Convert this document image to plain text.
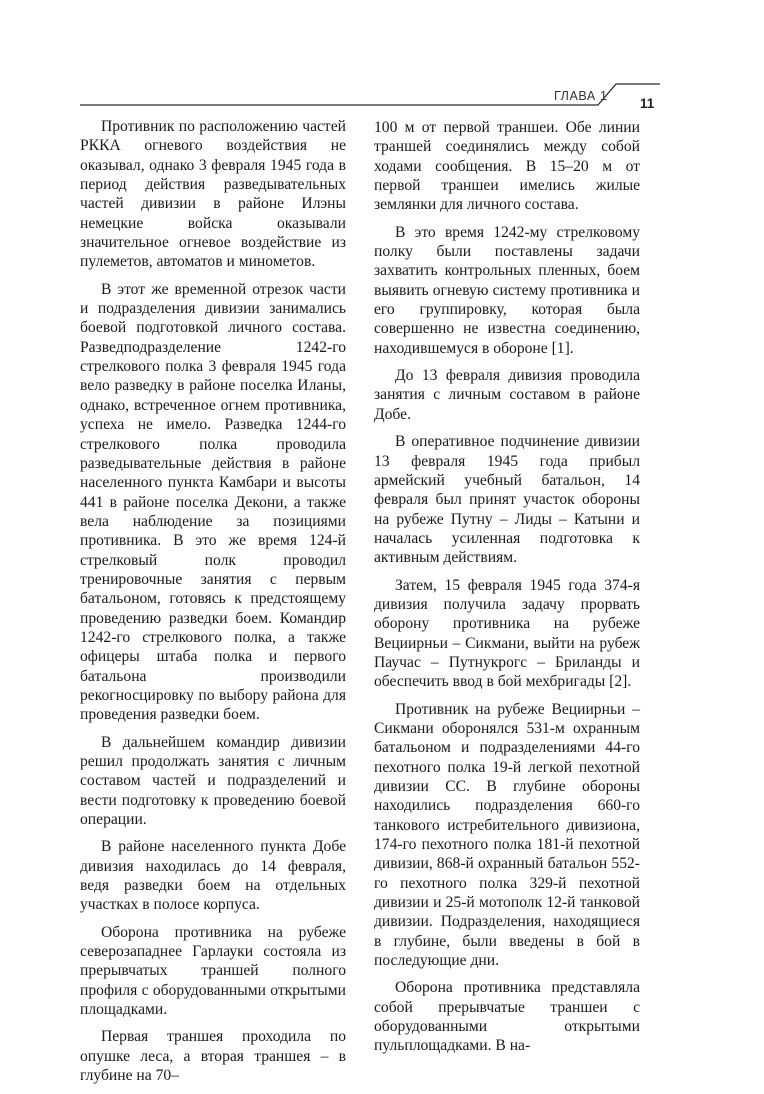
ГЛАВА 1 11

Противник по расположению частей РККА огневого воздействия не оказывал, однако 3 февраля 1945 года в период действия разведывательных частей дивизии в районе Илэны немецкие войска оказывали значительное огневое воздействие из пулеметов, автоматов и минометов.

В этот же временной отрезок части и подразделения дивизии занимались боевой подготовкой личного состава. Разведподразделение 1242-го стрелкового полка 3 февраля 1945 года вело разведку в районе поселка Иланы, однако, встреченное огнем противника, успеха не имело. Разведка 1244-го стрелкового полка проводила разведывательные действия в районе населенного пункта Камбари и высоты 441 в районе поселка Декони, а также вела наблюдение за позициями противника. В это же время 124-й стрелковый полк проводил тренировочные занятия с первым батальоном, готовясь к предстоящему проведению разведки боем. Командир 1242-го стрелкового полка, а также офицеры штаба полка и первого батальона производили рекогносцировку по выбору района для проведения разведки боем.

В дальнейшем командир дивизии решил продолжать занятия с личным составом частей и подразделений и вести подготовку к проведению боевой операции.

В районе населенного пункта Добе дивизия находилась до 14 февраля, ведя разведки боем на отдельных участках в полосе корпуса.

Оборона противника на рубеже северозападнее Гарлауки состояла из прерывчатых траншей полного профиля с оборудованными открытыми площадками.

Первая траншея проходила по опушке леса, а вторая траншея – в глубине на 70–

100 м от первой траншеи. Обе линии траншей соединялись между собой ходами сообщения. В 15–20 м от первой траншеи имелись жилые землянки для личного состава.

В это время 1242-му стрелковому полку были поставлены задачи захватить контрольных пленных, боем выявить огневую систему противника и его группировку, которая была совершенно не известна соединению, находившемуся в обороне [1].

До 13 февраля дивизия проводила занятия с личным составом в районе Добе.

В оперативное подчинение дивизии 13 февраля 1945 года прибыл армейский учебный батальон, 14 февраля был принят участок обороны на рубеже Путну – Лиды – Катыни и началась усиленная подготовка к активным действиям.

Затем, 15 февраля 1945 года 374-я дивизия получила задачу прорвать оборону противника на рубеже Вециирньи – Сикмани, выйти на рубеж Паучас – Путнукрогс – Бриланды и обеспечить ввод в бой мехбригады [2].

Противник на рубеже Вециирньи – Сикмани оборонялся 531-м охранным батальоном и подразделениями 44-го пехотного полка 19-й легкой пехотной дивизии СС. В глубине обороны находились подразделения 660-го танкового истребительного дивизиона, 174-го пехотного полка 181-й пехотной дивизии, 868-й охранный батальон 552-го пехотного полка 329-й пехотной дивизии и 25-й мотополк 12-й танковой дивизии. Подразделения, находящиеся в глубине, были введены в бой в последующие дни.

Оборона противника представляла собой прерывчатые траншеи с оборудованными открытыми пульплощадками. В на-
